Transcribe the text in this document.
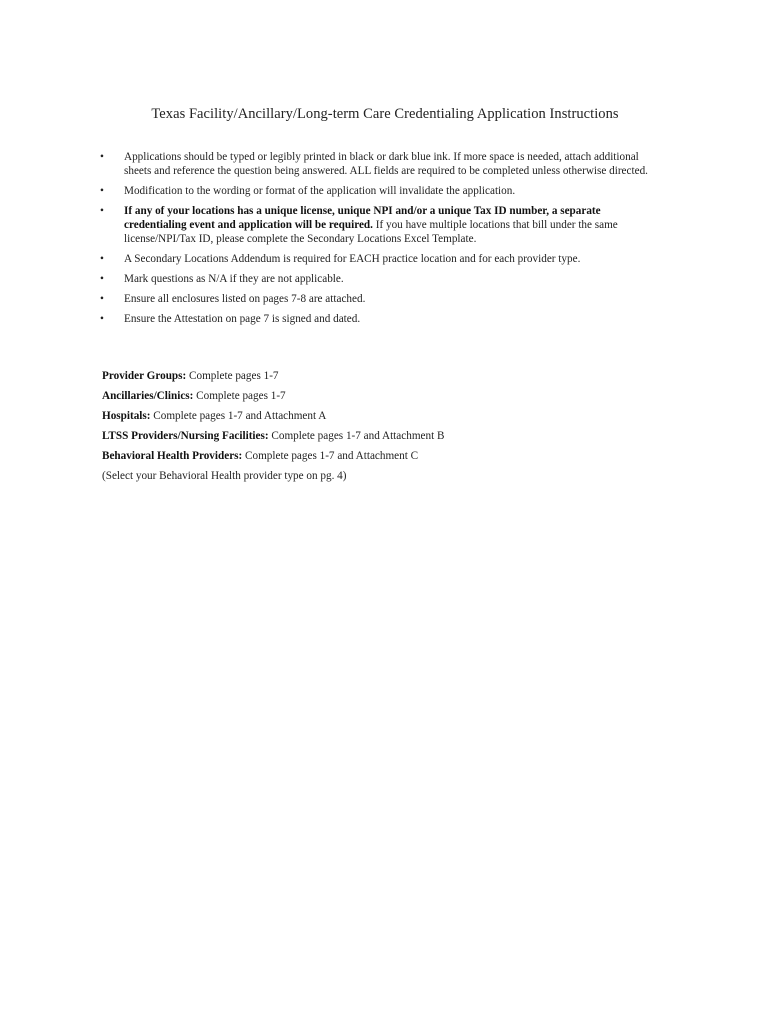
Texas Facility/Ancillary/Long-term Care Credentialing Application Instructions
• Applications should be typed or legibly printed in black or dark blue ink. If more space is needed, attach additional sheets and reference the question being answered. ALL fields are required to be completed unless otherwise directed.
• Modification to the wording or format of the application will invalidate the application.
• If any of your locations has a unique license, unique NPI and/or a unique Tax ID number, a separate credentialing event and application will be required. If you have multiple locations that bill under the same license/NPI/Tax ID, please complete the Secondary Locations Excel Template.
• A Secondary Locations Addendum is required for EACH practice location and for each provider type.
• Mark questions as N/A if they are not applicable.
• Ensure all enclosures listed on pages 7-8 are attached.
• Ensure the Attestation on page 7 is signed and dated.
Provider Groups: Complete pages 1-7
Ancillaries/Clinics: Complete pages 1-7
Hospitals: Complete pages 1-7 and Attachment A
LTSS Providers/Nursing Facilities: Complete pages 1-7 and Attachment B
Behavioral Health Providers: Complete pages 1-7 and Attachment C
(Select your Behavioral Health provider type on pg. 4)
